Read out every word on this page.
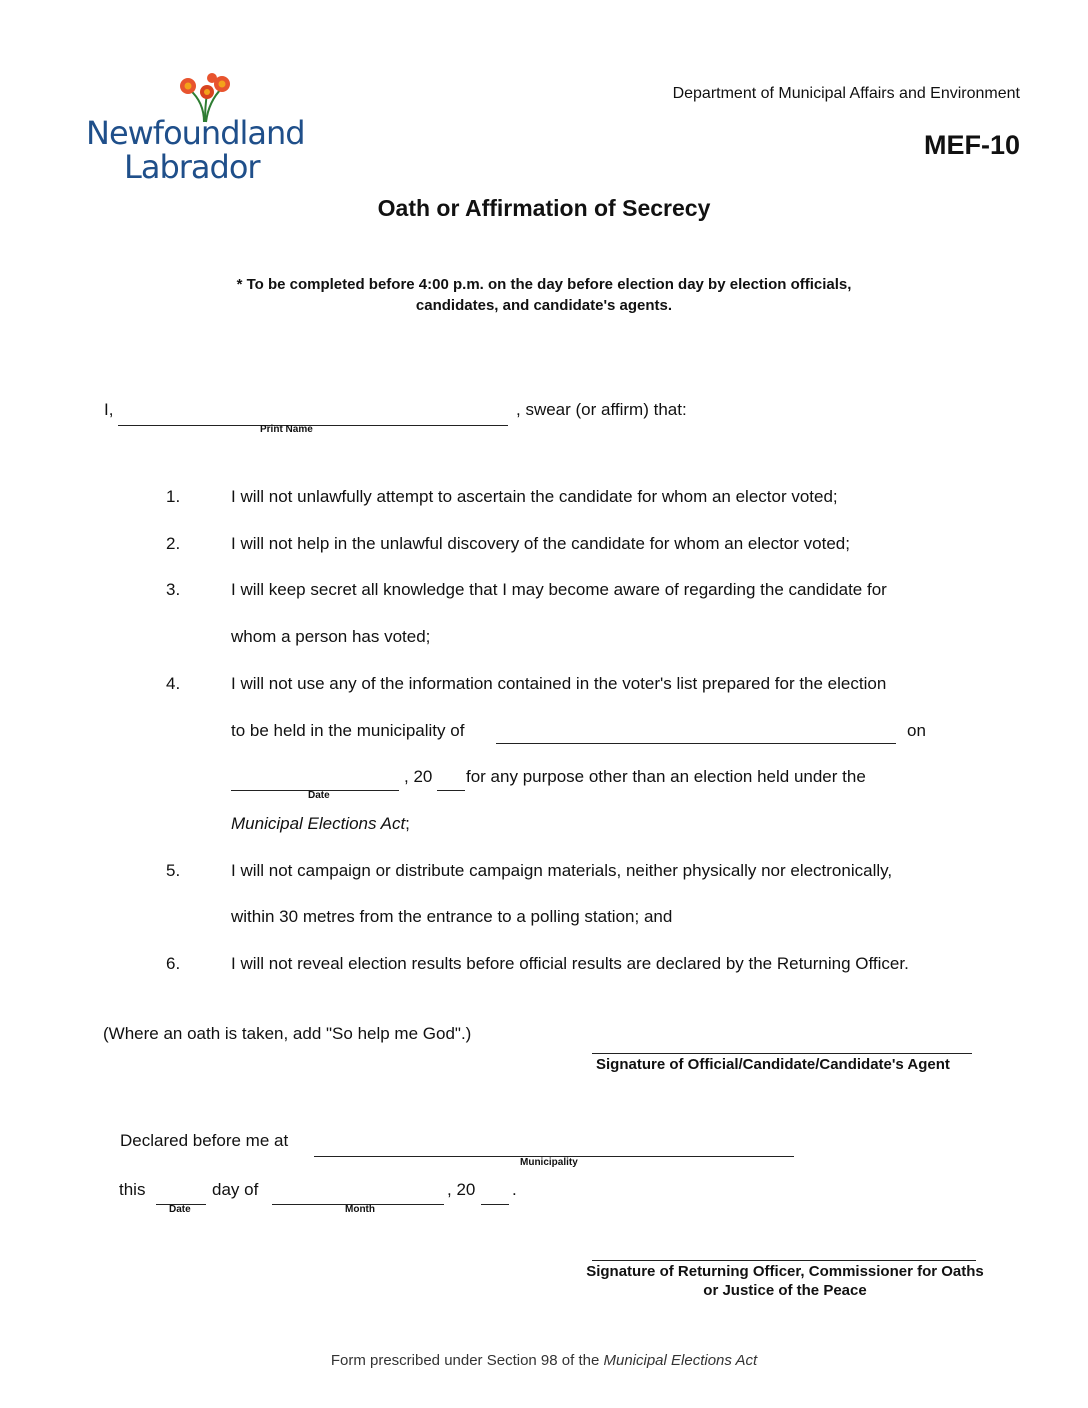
Newfoundland
Labrador
Department of Municipal Affairs and Environment
MEF-10
Oath or Affirmation of Secrecy
* To be completed before 4:00 p.m. on the day before election day by election officials,
candidates, and candidate's agents.
I,
Print Name
, swear (or affirm) that:
1.	I will not unlawfully attempt to ascertain the candidate for whom an elector voted;
2.	I will not help in the unlawful discovery of the candidate for whom an elector voted;
3.	I will keep secret all knowledge that I may become aware of regarding the candidate for
whom a person has voted;
4.	I will not use any of the information contained in the voter's list prepared for the election
to be held in the municipality of	on
Date
, 20 for any purpose other than an election held under the
Municipal Elections Act;
5.	I will not campaign or distribute campaign materials, neither physically nor electronically,
within 30 metres from the entrance to a polling station; and
6.	I will not reveal election results before official results are declared by the Returning Officer.
(Where an oath is taken, add "So help me God".)
Signature of Official/Candidate/Candidate's Agent
Declared before me at
Municipality
this
Date
day of
Month
, 20 .
Signature of Returning Officer, Commissioner for Oaths
or Justice of the Peace
Form prescribed under Section 98 of the Municipal Elections Act
